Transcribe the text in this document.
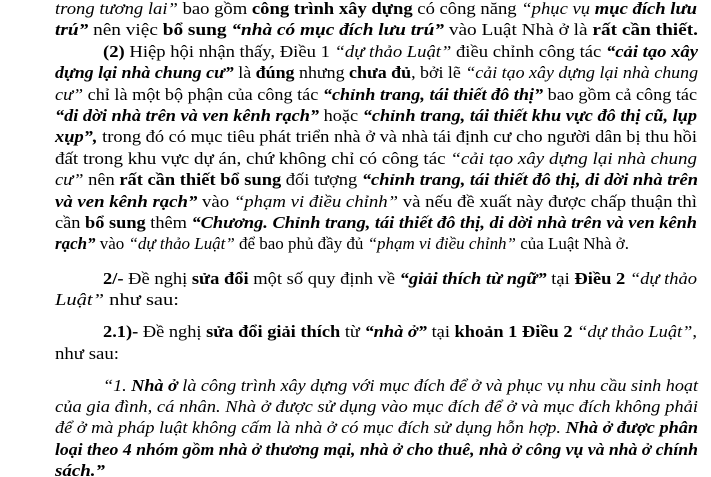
trong tương lai” bao gồm công trình xây dựng có công năng “phục vụ mục đích lưu
trú” nên việc bổ sung “nhà có mục đích lưu trú” vào Luật Nhà ở là rất cần thiết.
(2) Hiệp hội nhận thấy, Điều 1 “dự thảo Luật” điều chỉnh công tác “cải tạo xây
dựng lại nhà chung cư” là đúng nhưng chưa đủ, bởi lẽ “cải tạo xây dựng lại nhà chung
cư” chỉ là một bộ phận của công tác “chỉnh trang, tái thiết đô thị” bao gồm cả công tác
“di dời nhà trên và ven kênh rạch” hoặc “chỉnh trang, tái thiết khu vực đô thị cũ, lụp
xụp”, trong đó có mục tiêu phát triển nhà ở và nhà tái định cư cho người dân bị thu hồi
đất trong khu vực dự án, chứ không chỉ có công tác “cải tạo xây dựng lại nhà chung
cư” nên rất cần thiết bổ sung đối tượng “chỉnh trang, tái thiết đô thị, di dời nhà trên
và ven kênh rạch” vào “phạm vi điều chỉnh” và nếu đề xuất này được chấp thuận thì
cần bổ sung thêm “Chương. Chỉnh trang, tái thiết đô thị, di dời nhà trên và ven kênh
rạch” vào “dự thảo Luật” để bao phủ đầy đủ “phạm vi điều chỉnh” của Luật Nhà ở.
2/- Đề nghị sửa đổi một số quy định về “giải thích từ ngữ” tại Điều 2 “dự thảo
Luật” như sau:
2.1)- Đề nghị sửa đổi giải thích từ “nhà ở” tại khoản 1 Điều 2 “dự thảo Luật”,
như sau:
“1. Nhà ở là công trình xây dựng với mục đích để ở và phục vụ nhu cầu sinh hoạt
của gia đình, cá nhân. Nhà ở được sử dụng vào mục đích để ở và mục đích không phải
để ở mà pháp luật không cấm là nhà ở có mục đích sử dụng hỗn hợp. Nhà ở được phân
loại theo 4 nhóm gồm nhà ở thương mại, nhà ở cho thuê, nhà ở công vụ và nhà ở chính
sách.”
